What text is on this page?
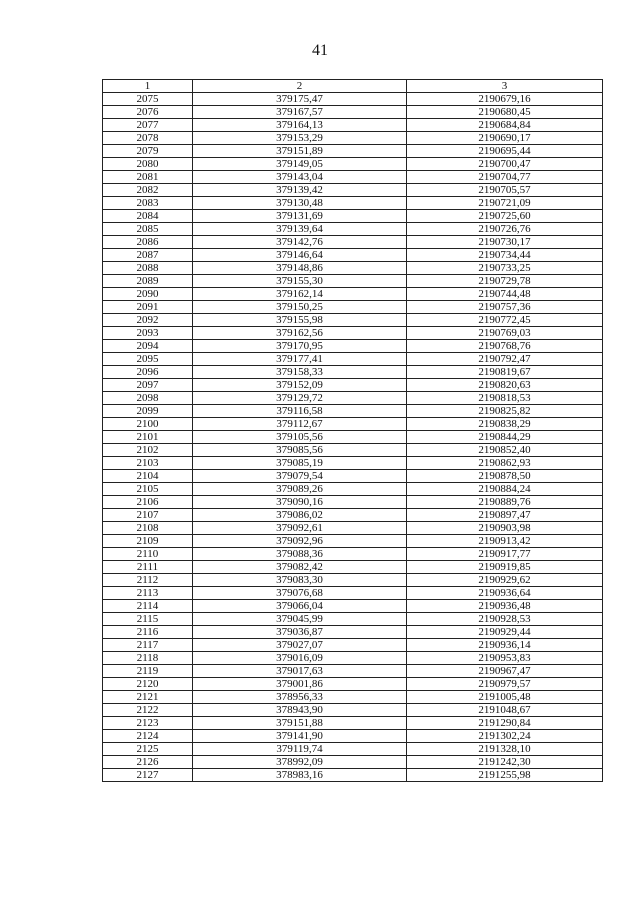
41
1	2	3
2075	379175,47	2190679,16
2076	379167,57	2190680,45
2077	379164,13	2190684,84
2078	379153,29	2190690,17
2079	379151,89	2190695,44
2080	379149,05	2190700,47
2081	379143,04	2190704,77
2082	379139,42	2190705,57
2083	379130,48	2190721,09
2084	379131,69	2190725,60
2085	379139,64	2190726,76
2086	379142,76	2190730,17
2087	379146,64	2190734,44
2088	379148,86	2190733,25
2089	379155,30	2190729,78
2090	379162,14	2190744,48
2091	379150,25	2190757,36
2092	379155,98	2190772,45
2093	379162,56	2190769,03
2094	379170,95	2190768,76
2095	379177,41	2190792,47
2096	379158,33	2190819,67
2097	379152,09	2190820,63
2098	379129,72	2190818,53
2099	379116,58	2190825,82
2100	379112,67	2190838,29
2101	379105,56	2190844,29
2102	379085,56	2190852,40
2103	379085,19	2190862,93
2104	379079,54	2190878,50
2105	379089,26	2190884,24
2106	379090,16	2190889,76
2107	379086,02	2190897,47
2108	379092,61	2190903,98
2109	379092,96	2190913,42
2110	379088,36	2190917,77
2111	379082,42	2190919,85
2112	379083,30	2190929,62
2113	379076,68	2190936,64
2114	379066,04	2190936,48
2115	379045,99	2190928,53
2116	379036,87	2190929,44
2117	379027,07	2190936,14
2118	379016,09	2190953,83
2119	379017,63	2190967,47
2120	379001,86	2190979,57
2121	378956,33	2191005,48
2122	378943,90	2191048,67
2123	379151,88	2191290,84
2124	379141,90	2191302,24
2125	379119,74	2191328,10
2126	378992,09	2191242,30
2127	378983,16	2191255,98
